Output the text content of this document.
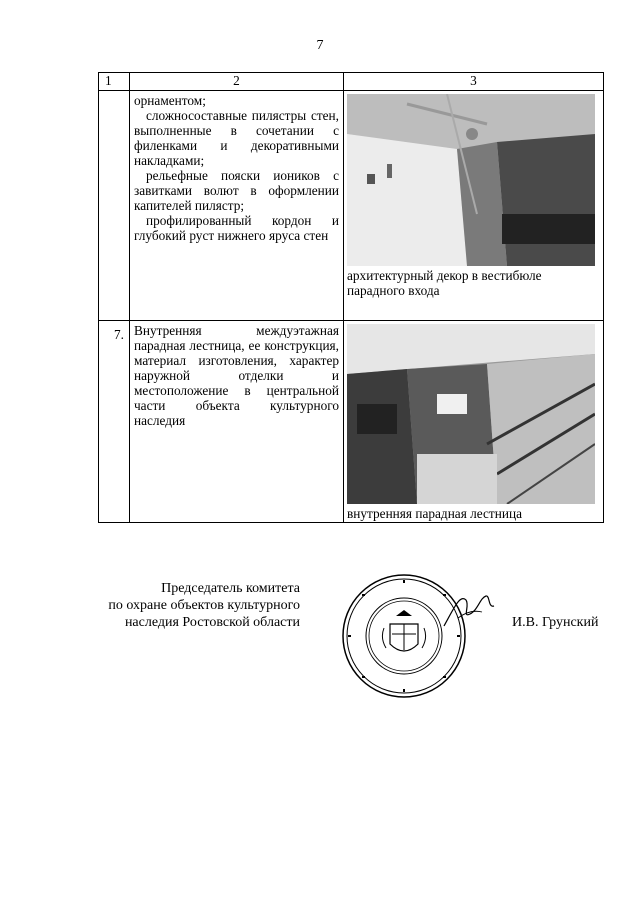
7
1	2	3

	орнаментом;

сложносоставные пилястры стен, выполненные в сочетании с филенками и декоративными накладками;

рельефные пояски иоников с завитками волют в оформлении капителей пилястр;

профилированный кордон и глубокий руст нижнего яруса стен	архитектурный декор в вестибюле парадного входа

7.	Внутренняя междуэтажная парадная лестница, ее конструкция, материал изготовления, характер наружной отделки и местоположение в центральной части объекта культурного наследия	внутренняя парадная лестница
Председатель комитета
по охране объектов культурного
наследия Ростовской области	И.В. Грунский
